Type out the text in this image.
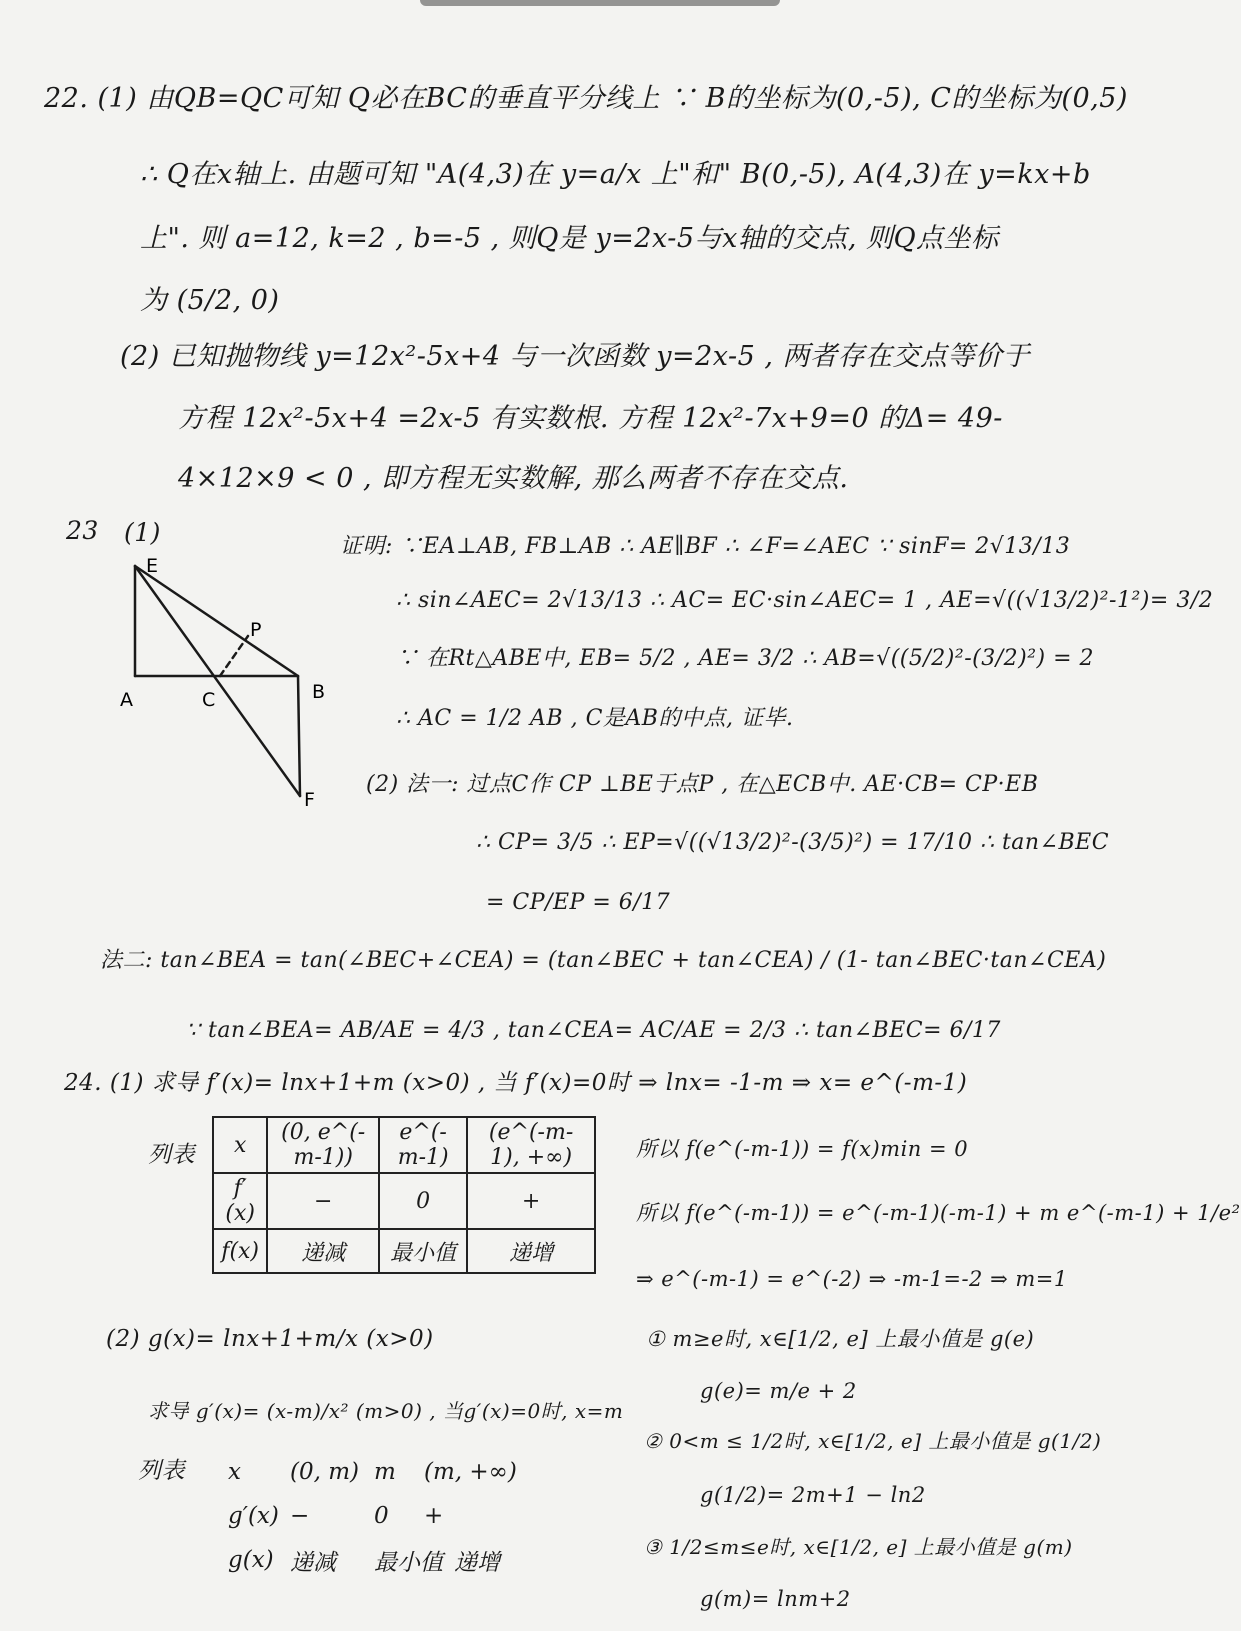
22. (1) 由QB=QC可知 Q必在BC的垂直平分线上 ∵ B的坐标为(0,-5), C的坐标为(0,5)
∴ Q在x轴上. 由题可知 "A(4,3)在 y=a/x 上"和" B(0,-5), A(4,3)在 y=kx+b
上". 则 a=12, k=2 , b=-5 , 则Q是 y=2x-5与x轴的交点, 则Q点坐标
为 (5/2, 0)
(2) 已知抛物线 y=12x²-5x+4 与一次函数 y=2x-5 , 两者存在交点等价于
方程 12x²-5x+4 =2x-5 有实数根. 方程 12x²-7x+9=0 的Δ= 49-
4×12×9 < 0 , 即方程无实数解, 那么两者不存在交点.
23 (1)
E
A	C	B
F
P
证明: ∵EA⊥AB, FB⊥AB ∴ AE∥BF ∴ ∠F=∠AEC ∵ sinF= 2√13/13
∴ sin∠AEC= 2√13/13 ∴ AC= EC·sin∠AEC= 1 , AE=√((√13/2)²-1²)= 3/2
∵ 在Rt△ABE中, EB= 5/2 , AE= 3/2 ∴ AB=√((5/2)²-(3/2)²) = 2
∴ AC = 1/2 AB , C是AB的中点, 证毕.
(2) 法一: 过点C作 CP ⊥BE于点P , 在△ECB中. AE·CB= CP·EB
∴ CP= 3/5 ∴ EP=√((√13/2)²-(3/5)²) = 17/10 ∴ tan∠BEC
= CP/EP = 6/17
法二: tan∠BEA = tan(∠BEC+∠CEA) = (tan∠BEC + tan∠CEA) / (1- tan∠BEC·tan∠CEA)
∵ tan∠BEA= AB/AE = 4/3 , tan∠CEA= AC/AE = 2/3 ∴ tan∠BEC= 6/17
24. (1) 求导 f′(x)= lnx+1+m (x>0) , 当 f′(x)=0时 ⇒ lnx= -1-m ⇒ x= e^(-m-1)
列表 x	(0, e^(-m-1))	e^(-m-1)	(e^(-m-1), +∞)
f′(x)	−	0	+
f(x)	递减	最小值	递增
所以 f(e^(-m-1)) = f(x)min = 0
所以 f(e^(-m-1)) = e^(-m-1)(-m-1) + m e^(-m-1) + 1/e²
⇒ e^(-m-1) = e^(-2) ⇒ -m-1=-2 ⇒ m=1
(2) g(x)= lnx+1+m/x (x>0)
求导 g′(x)= (x-m)/x² (m>0) , 当g′(x)=0时, x=m
列表 x	(0, m) m	(m, +∞)
g′(x) −	0	+
g(x) 递减	最小值 递增
① m≥e时, x∈[1/2, e] 上最小值是 g(e)
g(e)= m/e + 2
② 0<m ≤ 1/2时, x∈[1/2, e] 上最小值是 g(1/2)
g(1/2)= 2m+1 − ln2
③ 1/2≤m≤e时, x∈[1/2, e] 上最小值是 g(m)
g(m)= lnm+2
